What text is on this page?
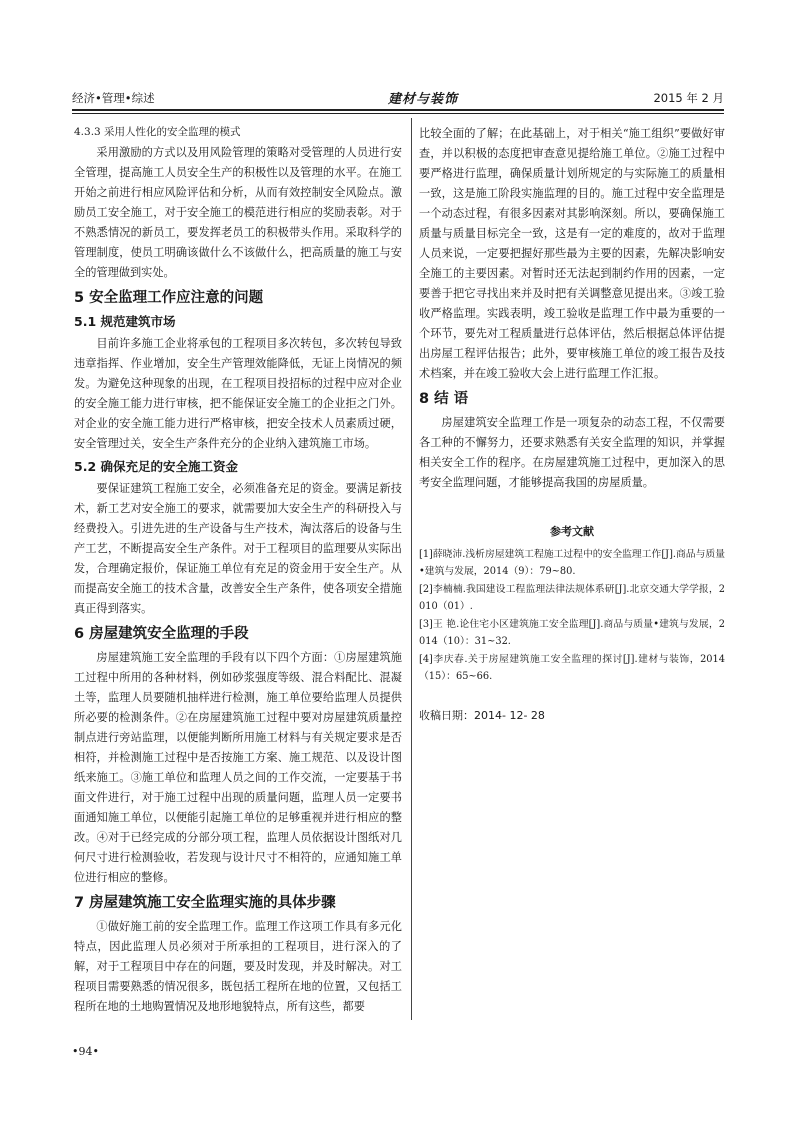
经济•管理•综述	建材与装饰	2015 年 2 月
4.3.3 采用人性化的安全监理的模式

采用激励的方式以及用风险管理的策略对受管理的人员进行安全管理，提高施工人员安全生产的积极性以及管理的水平。在施工开始之前进行相应风险评估和分析，从而有效控制安全风险点。激励员工安全施工，对于安全施工的模范进行相应的奖励表彰。对于不熟悉情况的新员工，要发挥老员工的积极带头作用。采取科学的管理制度，使员工明确该做什么不该做什么，把高质量的施工与安全的管理做到实处。

5 安全监理工作应注意的问题
5.1 规范建筑市场

目前许多施工企业将承包的工程项目多次转包，多次转包导致违章指挥、作业增加，安全生产管理效能降低，无证上岗情况的频发。为避免这种现象的出现，在工程项目投招标的过程中应对企业的安全施工能力进行审核，把不能保证安全施工的企业拒之门外。对企业的安全施工能力进行严格审核，把安全技术人员素质过硬，安全管理过关，安全生产条件充分的企业纳入建筑施工市场。

5.2 确保充足的安全施工资金

要保证建筑工程施工安全，必须准备充足的资金。要满足新技术，新工艺对安全施工的要求，就需要加大安全生产的科研投入与经费投入。引进先进的生产设备与生产技术，淘汰落后的设备与生产工艺，不断提高安全生产条件。对于工程项目的监理要从实际出发，合理确定报价，保证施工单位有充足的资金用于安全生产。从而提高安全施工的技术含量，改善安全生产条件，使各项安全措施真正得到落实。

6 房屋建筑安全监理的手段

房屋建筑施工安全监理的手段有以下四个方面：①房屋建筑施工过程中所用的各种材料，例如砂浆强度等级、混合料配比、混凝土等，监理人员要随机抽样进行检测，施工单位要给监理人员提供所必要的检测条件。②在房屋建筑施工过程中要对房屋建筑质量控制点进行旁站监理，以便能判断所用施工材料与有关规定要求是否相符，并检测施工过程中是否按施工方案、施工规范、以及设计图纸来施工。③施工单位和监理人员之间的工作交流，一定要基于书面文件进行，对于施工过程中出现的质量问题，监理人员一定要书面通知施工单位，以便能引起施工单位的足够重视并进行相应的整改。④对于已经完成的分部分项工程，监理人员依据设计图纸对几何尺寸进行检测验收，若发现与设计尺寸不相符的，应通知施工单位进行相应的整修。

7 房屋建筑施工安全监理实施的具体步骤

①做好施工前的安全监理工作。监理工作这项工作具有多元化特点，因此监理人员必须对于所承担的工程项目，进行深入的了解，对于工程项目中存在的问题，要及时发现，并及时解决。对工程项目需要熟悉的情况很多，既包括工程所在地的位置，又包括工程所在地的土地购置情况及地形地貌特点，所有这些，都要

比较全面的了解；在此基础上，对于相关“施工组织”要做好审查，并以积极的态度把审查意见提给施工单位。②施工过程中要严格进行监理，确保质量计划所规定的与实际施工的质量相一致，这是施工阶段实施监理的目的。施工过程中安全监理是一个动态过程，有很多因素对其影响深刻。所以，要确保施工质量与质量目标完全一致，这是有一定的难度的，故对于监理人员来说，一定要把握好那些最为主要的因素，先解决影响安全施工的主要因素。对暂时还无法起到制约作用的因素，一定要善于把它寻找出来并及时把有关调整意见提出来。③竣工验收严格监理。实践表明，竣工验收是监理工作中最为重要的一个环节，要先对工程质量进行总体评估，然后根据总体评估提出房屋工程评估报告；此外，要审核施工单位的竣工报告及技术档案，并在竣工验收大会上进行监理工作汇报。

8 结 语

房屋建筑安全监理工作是一项复杂的动态工程，不仅需要各工种的不懈努力，还要求熟悉有关安全监理的知识，并掌握相关安全工作的程序。在房屋建筑施工过程中，更加深入的思考安全监理问题，才能够提高我国的房屋质量。

参考文献

[1]薛晓沛.浅析房屋建筑工程施工过程中的安全监理工作[J].商品与质量•建筑与发展，2014（9）：79~80.

[2]李楠楠.我国建设工程监理法律法规体系研[J].北京交通大学学报，2010（01）.

[3]王 艳.论住宅小区建筑施工安全监理[J].商品与质量•建筑与发展，2014（10）：31~32.

[4]李庆春.关于房屋建筑施工安全监理的探讨[J].建材与装饰，2014（15）：65~66.

收稿日期：2014- 12- 28
•94•
